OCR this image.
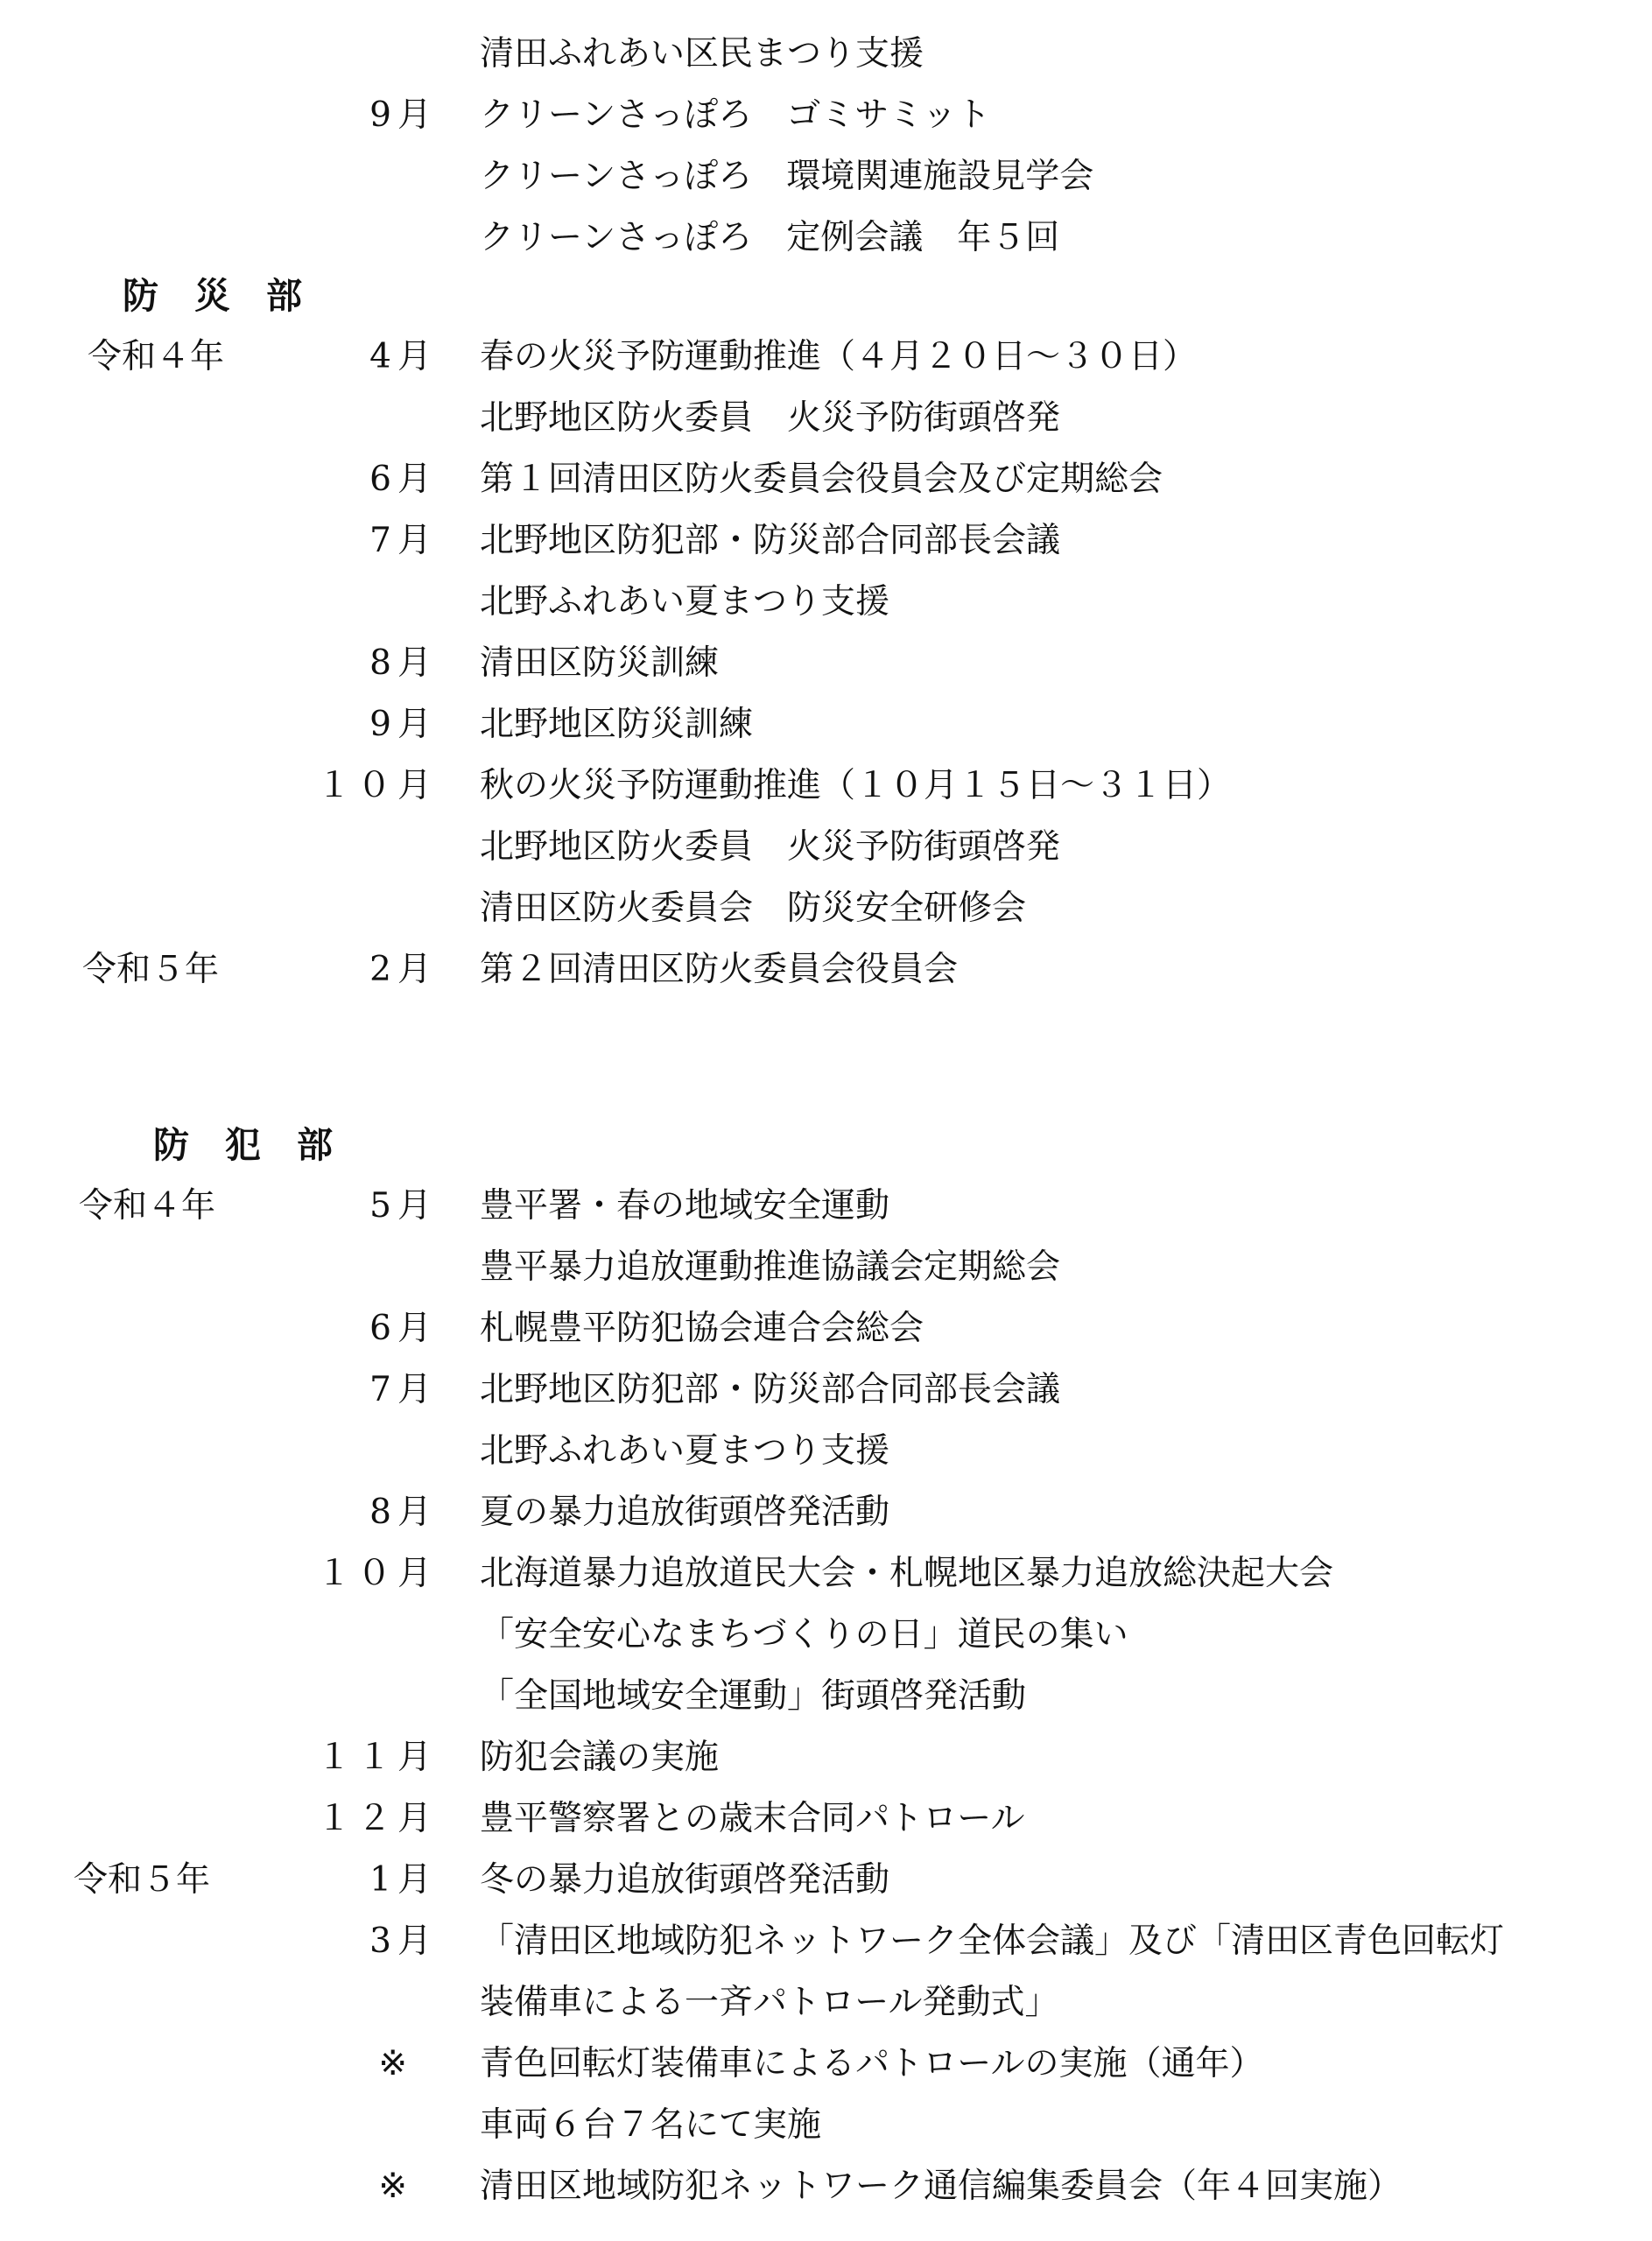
清田ふれあい区民まつり支援
9月 クリーンさっぽろ　ゴミサミット
クリーンさっぽろ　環境関連施設見学会
クリーンさっぽろ　定例会議　年５回
防　災　部
令和４年	4月 春の火災予防運動推進（４月２０日～３０日）
北野地区防火委員　火災予防街頭啓発
6月 第１回清田区防火委員会役員会及び定期総会
7月 北野地区防犯部・防災部合同部長会議
北野ふれあい夏まつり支援
8月 清田区防災訓練
9月 北野地区防災訓練
１０月 秋の火災予防運動推進（１０月１５日～３１日）
北野地区防火委員　火災予防街頭啓発
清田区防火委員会　防災安全研修会
令和５年	2月 第２回清田区防火委員会役員会
防　犯　部
令和４年	5月 豊平署・春の地域安全運動
豊平暴力追放運動推進協議会定期総会
6月 札幌豊平防犯協会連合会総会
7月 北野地区防犯部・防災部合同部長会議
北野ふれあい夏まつり支援
8月 夏の暴力追放街頭啓発活動
１０月 北海道暴力追放道民大会・札幌地区暴力追放総決起大会
「安全安心なまちづくりの日」道民の集い
「全国地域安全運動」街頭啓発活動
１１月 防犯会議の実施
１２月 豊平警察署との歳末合同パトロール
令和５年	1月 冬の暴力追放街頭啓発活動
3月 「清田区地域防犯ネットワーク全体会議」及び「清田区青色回転灯
装備車による一斉パトロール発動式」
※ 青色回転灯装備車によるパトロールの実施（通年）
車両６台７名にて実施
※ 清田区地域防犯ネットワーク通信編集委員会（年４回実施）
